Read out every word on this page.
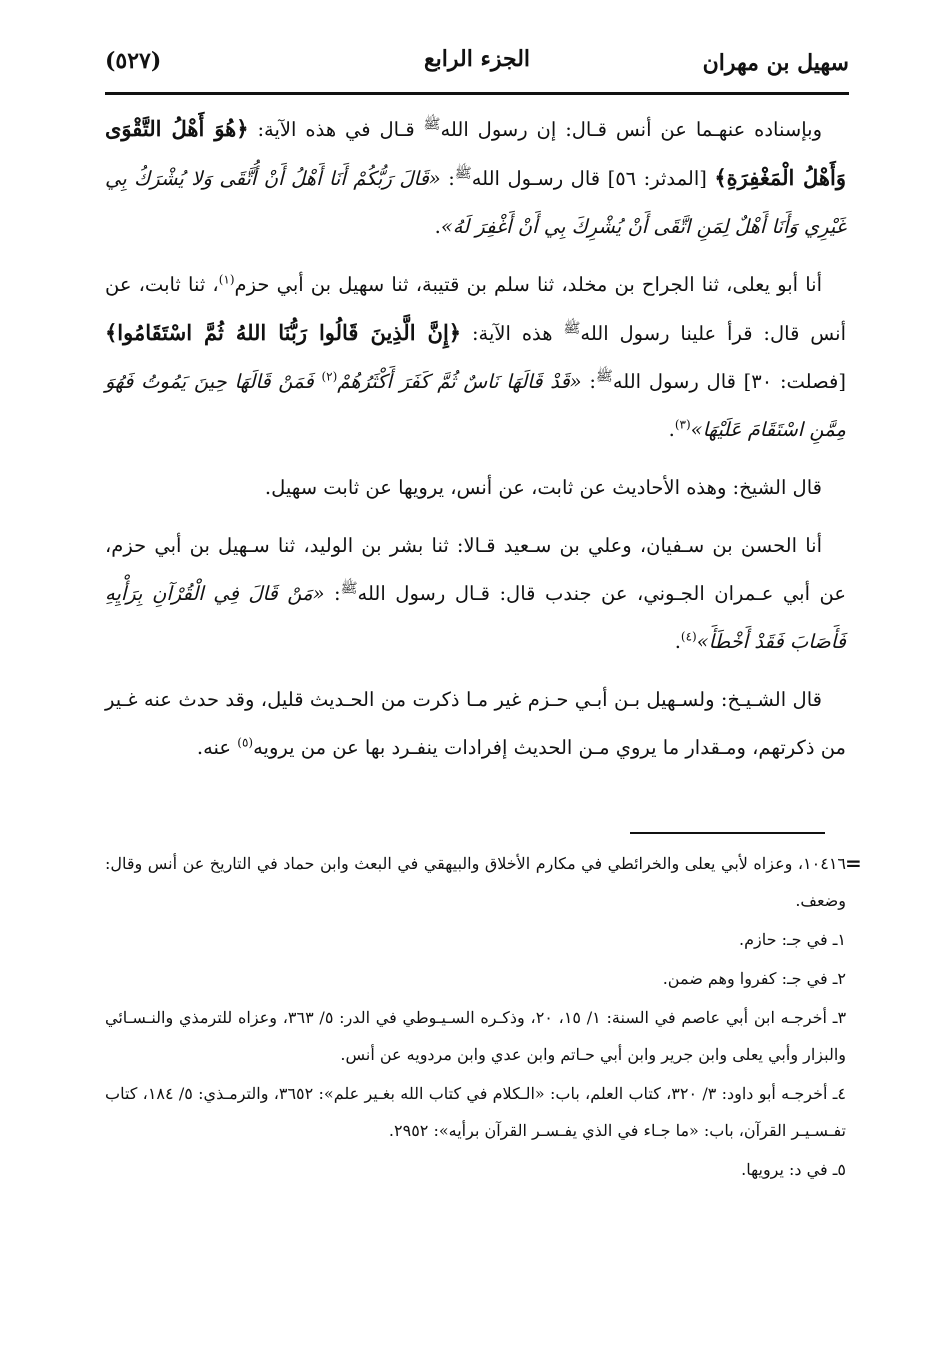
سهيل بن مهران
الجزء الرابع
(٥٢٧)

وبإسناده عنهـما عن أنس قـال: إن رسول الله$^ﷺ$ قـال في هذه الآية: ﴿هُوَ أَهْلُ التَّقْوَى وَأَهْلُ الْمَغْفِرَةِ﴾ [المدثر: ٥٦] قال رسـول الله$^ﷺ$: «قَالَ رَبُّكُمْ أَنَا أَهْلُ أَنْ أُتَّقَى وَلا يُشْرَكُ بِي غَيْرِي وَأَنَا أَهْلٌ لِمَنِ اتَّقَى أَنْ يُشْرِكَ بِي أَنْ أَغْفِرَ لَهُ».

أنا أبو يعلى، ثنا الجراح بن مخلد، ثنا سلم بن قتيبة، ثنا سهيل بن أبي حزم$^{(١)}$، ثنا ثابت، عن أنس قال: قرأ علينا رسول الله$^ﷺ$ هذه الآية: ﴿إِنَّ الَّذِينَ قَالُوا رَبُّنَا اللهُ ثُمَّ اسْتَقَامُوا﴾ [فصلت: ٣٠] قال رسول الله$^ﷺ$: «قَدْ قَالَهَا نَاسٌ ثُمَّ كَفَرَ أَكْثَرُهُمْ$^{(٢)}$ فَمَنْ قَالَهَا حِينَ يَمُوتُ فَهُوَ مِمَّنِ اسْتَقَامَ عَلَيْهَا»$^{(٣)}$.

قال الشيخ: وهذه الأحاديث عن ثابت، عن أنس، يرويها عن ثابت سهيل.

أنا الحسن بن سـفيان، وعلي بن سـعيد قـالا: ثنا بشر بن الوليد، ثنا سـهيل بن أبي حزم، عن أبي عـمران الجـوني، عن جندب قال: قـال رسول الله$^ﷺ$: «مَنْ قَالَ فِي الْقُرْآنِ بِرَأْيِهِ فَأَصَابَ فَقَدْ أَخْطَأَ»$^{(٤)}$.

قال الشـيـخ: ولسـهيل بـن أبـي حـزم غير مـا ذكرت من الحـديث قليل، وقد حدث عنه غـير من ذكرتهم، ومـقدار ما يروي مـن الحديث إفرادات ينفـرد بها عن من يرويه$^{(٥)}$ عنه.

=

١٠٤١٦، وعزاه لأبي يعلى والخرائطي في مكارم الأخلاق والبيهقي في البعث وابن حماد في التاريخ عن أنس وقال: وضعف.

١ـ في جـ: حازم.

٢ـ في جـ: كفروا وهم ضمن.

٣ـ أخرجـه ابن أبي عاصم في السنة: ١/ ١٥، ٢٠، وذكـره السـيـوطي في الدر: ٥/ ٣٦٣، وعزاه للترمذي والنـسـائي والبزار وأبي يعلى وابن جرير وابن أبي حـاتم وابن عدي وابن مردويه عن أنس.

٤ـ أخرجـه أبو داود: ٣/ ٣٢٠، كتاب العلم، باب: «الـكلام في كتاب الله بغـير علم»: ٣٦٥٢، والترمـذي: ٥/ ١٨٤، كتاب تفـسـيـر القرآن، باب: «ما جـاء في الذي يفـسـر القرآن برأيه»: ٢٩٥٢.

٥ـ في د: يرويها.
